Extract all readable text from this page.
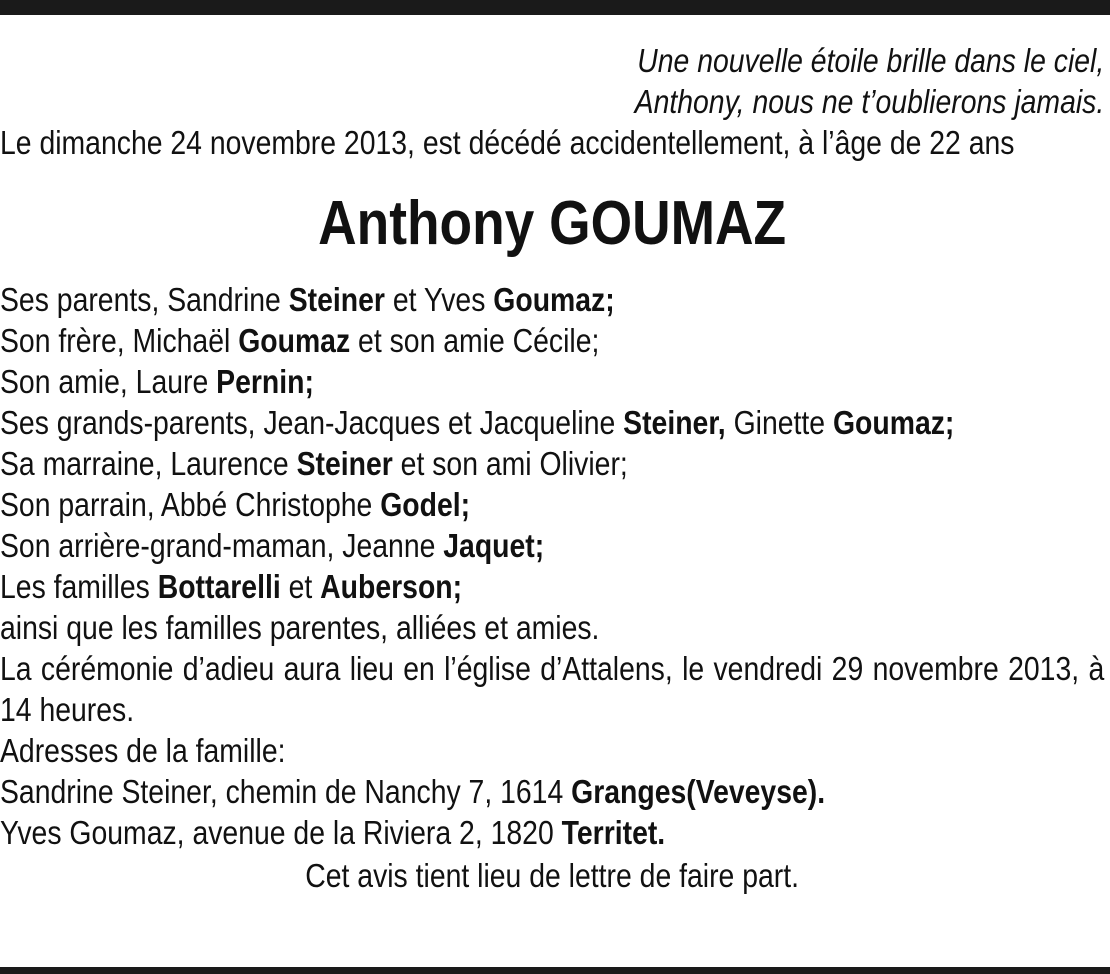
Une nouvelle étoile brille dans le ciel,
Anthony, nous ne t’oublierons jamais.
Le dimanche 24 novembre 2013, est décédé accidentellement, à l’âge de 22 ans
Anthony GOUMAZ
Ses parents, Sandrine Steiner et Yves Goumaz;
Son frère, Michaël Goumaz et son amie Cécile;
Son amie, Laure Pernin;
Ses grands-parents, Jean-Jacques et Jacqueline Steiner, Ginette Goumaz;
Sa marraine, Laurence Steiner et son ami Olivier;
Son parrain, Abbé Christophe Godel;
Son arrière-grand-maman, Jeanne Jaquet;
Les familles Bottarelli et Auberson;
ainsi que les familles parentes, alliées et amies.
La cérémonie d’adieu aura lieu en l’église d’Attalens, le vendredi 29 novembre 2013, à 14 heures.
Adresses de la famille:
Sandrine Steiner, chemin de Nanchy 7, 1614 Granges(Veveyse).
Yves Goumaz, avenue de la Riviera 2, 1820 Territet.
Cet avis tient lieu de lettre de faire part.
